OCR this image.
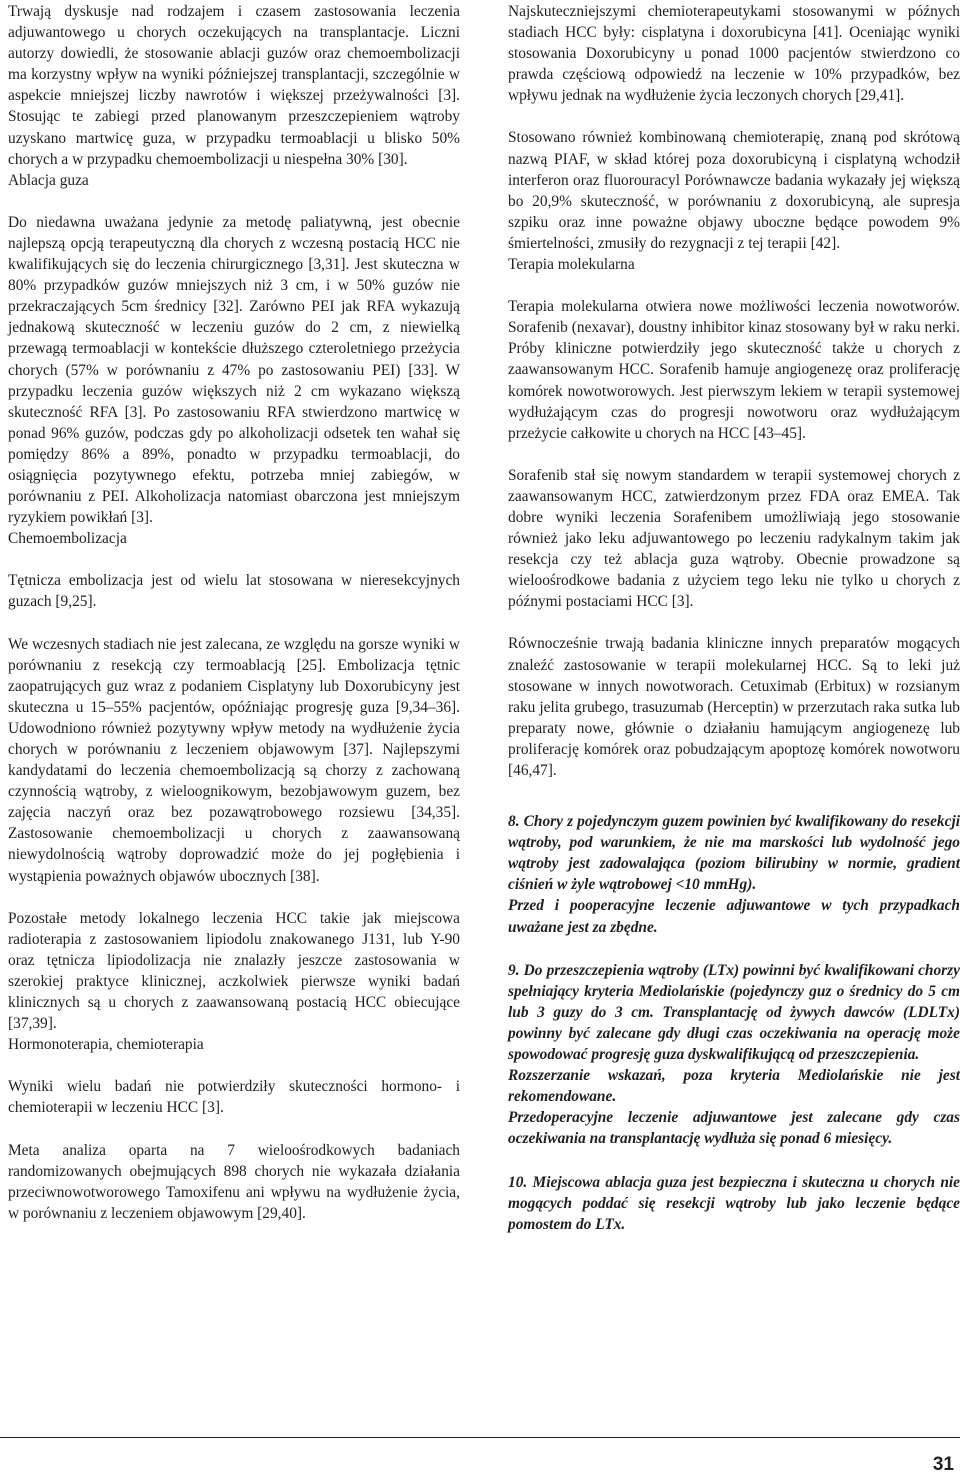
Trwają dyskusje nad rodzajem i czasem zastosowania leczenia adjuwantowego u chorych oczekujących na transplantacje. Liczni autorzy dowiedli, że stosowanie ablacji guzów oraz chemoembolizacji ma korzystny wpływ na wyniki późniejszej transplantacji, szczególnie w aspekcie mniejszej liczby nawrotów i większej przeżywalności [3]. Stosując te zabiegi przed planowanym przeszczepieniem wątroby uzyskano martwicę guza, w przypadku termoablacji u blisko 50% chorych a w przypadku chemoembolizacji u niespełna 30% [30].

Ablacja guza

Do niedawna uważana jedynie za metodę paliatywną, jest obecnie najlepszą opcją terapeutyczną dla chorych z wczesną postacią HCC nie kwalifikujących się do leczenia chirurgicznego [3,31]. Jest skuteczna w 80% przypadków guzów mniejszych niż 3 cm, i w 50% guzów nie przekraczających 5cm średnicy [32]. Zarówno PEI jak RFA wykazują jednakową skuteczność w leczeniu guzów do 2 cm, z niewielką przewagą termoablacji w kontekście dłuższego czteroletniego przeżycia chorych (57% w porównaniu z 47% po zastosowaniu PEI) [33]. W przypadku leczenia guzów większych niż 2 cm wykazano większą skuteczność RFA [3]. Po zastosowaniu RFA stwierdzono martwicę w ponad 96% guzów, podczas gdy po alkoholizacji odsetek ten wahał się pomiędzy 86% a 89%, ponadto w przypadku termoablacji, do osiągnięcia pozytywnego efektu, potrzeba mniej zabiegów, w porównaniu z PEI. Alkoholizacja natomiast obarczona jest mniejszym ryzykiem powikłań [3].

Chemoembolizacja

Tętnicza embolizacja jest od wielu lat stosowana w nieresekcyjnych guzach [9,25].

We wczesnych stadiach nie jest zalecana, ze względu na gorsze wyniki w porównaniu z resekcją czy termoablacją [25]. Embolizacja tętnic zaopatrujących guz wraz z podaniem Cisplatyny lub Doxorubicyny jest skuteczna u 15–55% pacjentów, opóźniając progresję guza [9,34–36]. Udowodniono również pozytywny wpływ metody na wydłużenie życia chorych w porównaniu z leczeniem objawowym [37]. Najlepszymi kandydatami do leczenia chemoembolizacją są chorzy z zachowaną czynnością wątroby, z wieloognikowym, bezobjawowym guzem, bez zajęcia naczyń oraz bez pozawątrobowego rozsiewu [34,35]. Zastosowanie chemoembolizacji u chorych z zaawansowaną niewydolnością wątroby doprowadzić może do jej pogłębienia i wystąpienia poważnych objawów ubocznych [38].

Pozostałe metody lokalnego leczenia HCC takie jak miejscowa radioterapia z zastosowaniem lipiodolu znakowanego J131, lub Y-90 oraz tętnicza lipiodolizacja nie znalazły jeszcze zastosowania w szerokiej praktyce klinicznej, aczkolwiek pierwsze wyniki badań klinicznych są u chorych z zaawansowaną postacią HCC obiecujące [37,39].

Hormonoterapia, chemioterapia

Wyniki wielu badań nie potwierdziły skuteczności hormono- i chemioterapii w leczeniu HCC [3].

Meta analiza oparta na 7 wieloośrodkowych badaniach randomizowanych obejmujących 898 chorych nie wykazała działania przeciwnowotworowego Tamoxifenu ani wpływu na wydłużenie życia, w porównaniu z leczeniem objawowym [29,40].

Najskuteczniejszymi chemioterapeutykami stosowanymi w późnych stadiach HCC były: cisplatyna i doxorubicyna [41]. Oceniając wyniki stosowania Doxorubicyny u ponad 1000 pacjentów stwierdzono co prawda częściową odpowiedź na leczenie w 10% przypadków, bez wpływu jednak na wydłużenie życia leczonych chorych [29,41].

Stosowano również kombinowaną chemioterapię, znaną pod skrótową nazwą PIAF, w skład której poza doxorubicyną i cisplatyną wchodził interferon oraz fluorouracyl Porównawcze badania wykazały jej większą bo 20,9% skuteczność, w porównaniu z doxorubicyną, ale supresja szpiku oraz inne poważne objawy uboczne będące powodem 9% śmiertelności, zmusiły do rezygnacji z tej terapii [42].

Terapia molekularna

Terapia molekularna otwiera nowe możliwości leczenia nowotworów. Sorafenib (nexavar), doustny inhibitor kinaz stosowany był w raku nerki. Próby kliniczne potwierdziły jego skuteczność także u chorych z zaawansowanym HCC. Sorafenib hamuje angiogenezę oraz proliferację komórek nowotworowych. Jest pierwszym lekiem w terapii systemowej wydłużającym czas do progresji nowotworu oraz wydłużającym przeżycie całkowite u chorych na HCC [43–45].

Sorafenib stał się nowym standardem w terapii systemowej chorych z zaawansowanym HCC, zatwierdzonym przez FDA oraz EMEA. Tak dobre wyniki leczenia Sorafenibem umożliwiają jego stosowanie również jako leku adjuwantowego po leczeniu radykalnym takim jak resekcja czy też ablacja guza wątroby. Obecnie prowadzone są wieloośrodkowe badania z użyciem tego leku nie tylko u chorych z późnymi postaciami HCC [3].

Równocześnie trwają badania kliniczne innych preparatów mogących znaleźć zastosowanie w terapii molekularnej HCC. Są to leki już stosowane w innych nowotworach. Cetuximab (Erbitux) w rozsianym raku jelita grubego, trasuzumab (Herceptin) w przerzutach raka sutka lub preparaty nowe, głównie o działaniu hamującym angiogenezę lub proliferację komórek oraz pobudzającym apoptozę komórek nowotworu [46,47].

8. Chory z pojedynczym guzem powinien być kwalifikowany do resekcji wątroby, pod warunkiem, że nie ma marskości lub wydolność jego wątroby jest zadowalająca (poziom bilirubiny w normie, gradient ciśnień w żyle wątrobowej <10 mmHg).

Przed i pooperacyjne leczenie adjuwantowe w tych przypadkach uważane jest za zbędne.

9. Do przeszczepienia wątroby (LTx) powinni być kwalifikowani chorzy spełniający kryteria Mediolańskie (pojedynczy guz o średnicy do 5 cm lub 3 guzy do 3 cm. Transplantację od żywych dawców (LDLTx) powinny być zalecane gdy długi czas oczekiwania na operację może spowodować progresję guza dyskwalifikującą od przeszczepienia.

Rozszerzanie wskazań, poza kryteria Mediolańskie nie jest rekomendowane.

Przedoperacyjne leczenie adjuwantowe jest zalecane gdy czas oczekiwania na transplantację wydłuża się ponad 6 miesięcy.

10. Miejscowa ablacja guza jest bezpieczna i skuteczna u chorych nie mogących poddać się resekcji wątroby lub jako leczenie będące pomostem do LTx.

31
